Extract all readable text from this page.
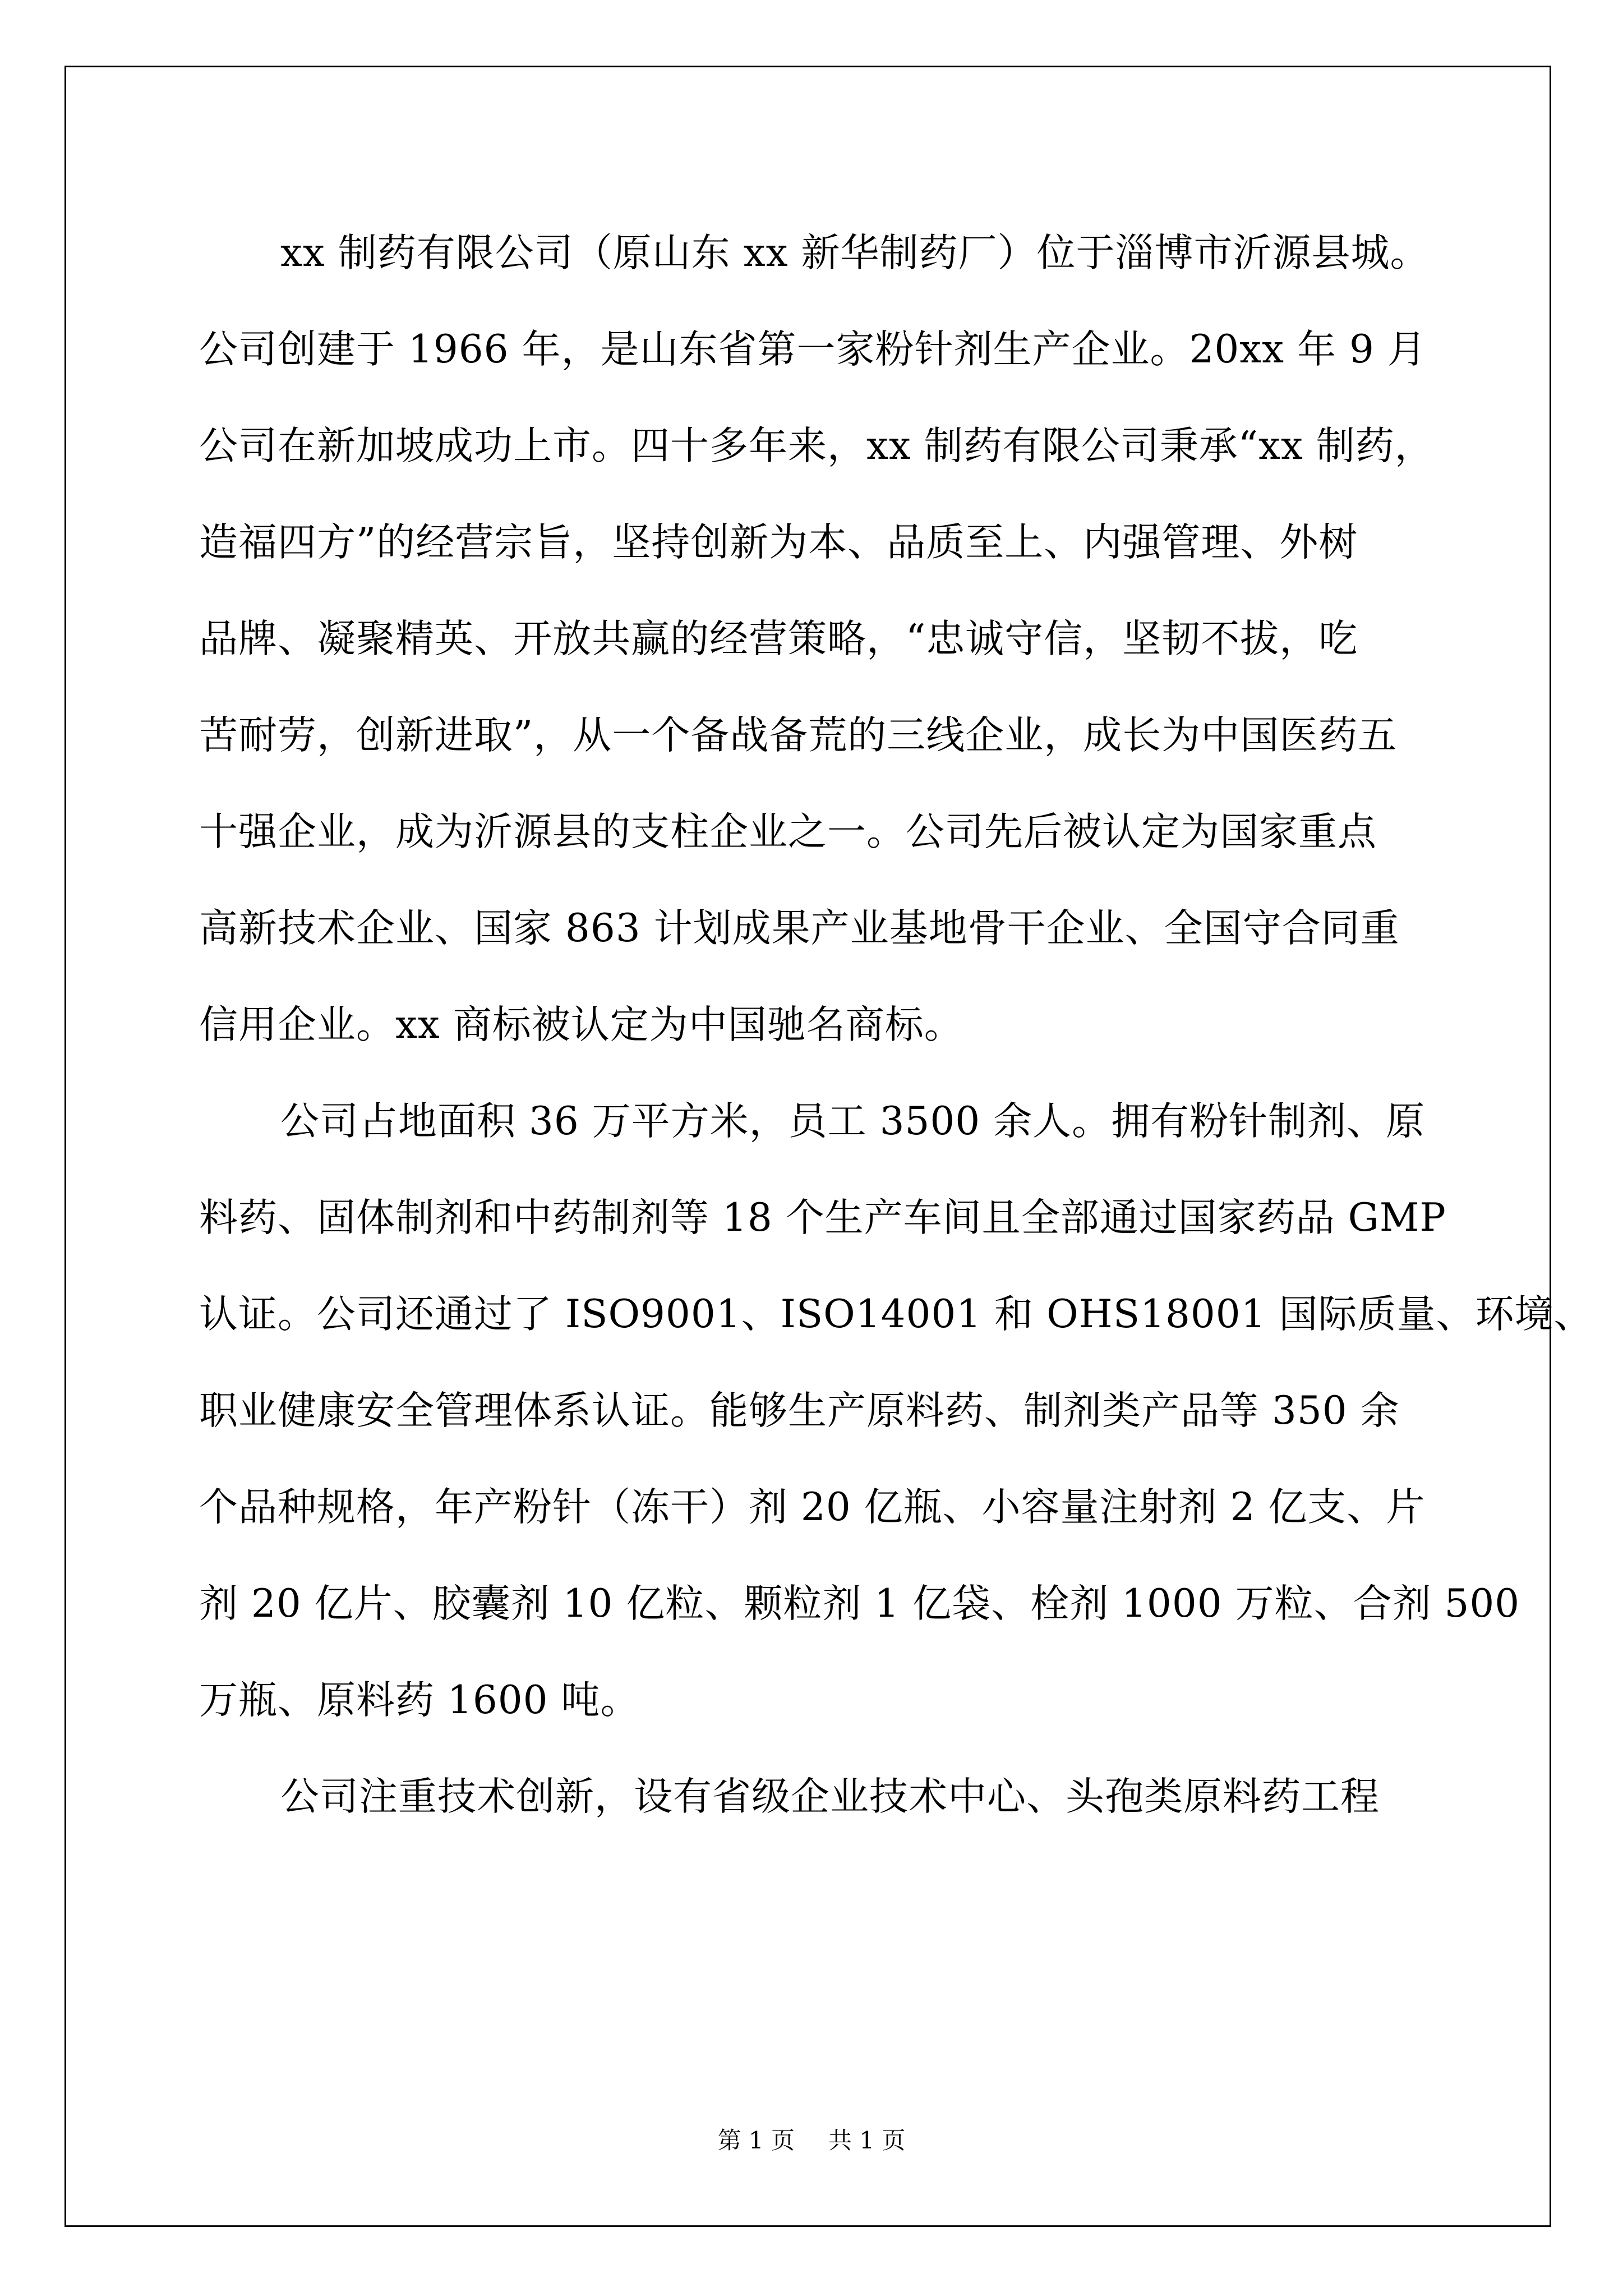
xx 制药有限公司（原山东 xx 新华制药厂）位于淄博市沂源县城。
公司创建于 1966 年，是山东省第一家粉针剂生产企业。20xx 年 9 月
公司在新加坡成功上市。四十多年来，xx 制药有限公司秉承“xx 制药，
造福四方”的经营宗旨，坚持创新为本、品质至上、内强管理、外树
品牌、凝聚精英、开放共赢的经营策略，“忠诚守信，坚韧不拔，吃
苦耐劳，创新进取”，从一个备战备荒的三线企业，成长为中国医药五
十强企业，成为沂源县的支柱企业之一。公司先后被认定为国家重点
高新技术企业、国家 863 计划成果产业基地骨干企业、全国守合同重
信用企业。xx 商标被认定为中国驰名商标。
公司占地面积 36 万平方米，员工 3500 余人。拥有粉针制剂、原
料药、固体制剂和中药制剂等 18 个生产车间且全部通过国家药品 GMP
认证。公司还通过了 ISO9001、ISO14001 和 OHS18001 国际质量、环境、
职业健康安全管理体系认证。能够生产原料药、制剂类产品等 350 余
个品种规格，年产粉针（冻干）剂 20 亿瓶、小容量注射剂 2 亿支、片
剂 20 亿片、胶囊剂 10 亿粒、颗粒剂 1 亿袋、栓剂 1000 万粒、合剂 500
万瓶、原料药 1600 吨。
公司注重技术创新，设有省级企业技术中心、头孢类原料药工程
第 1 页 共 1 页
